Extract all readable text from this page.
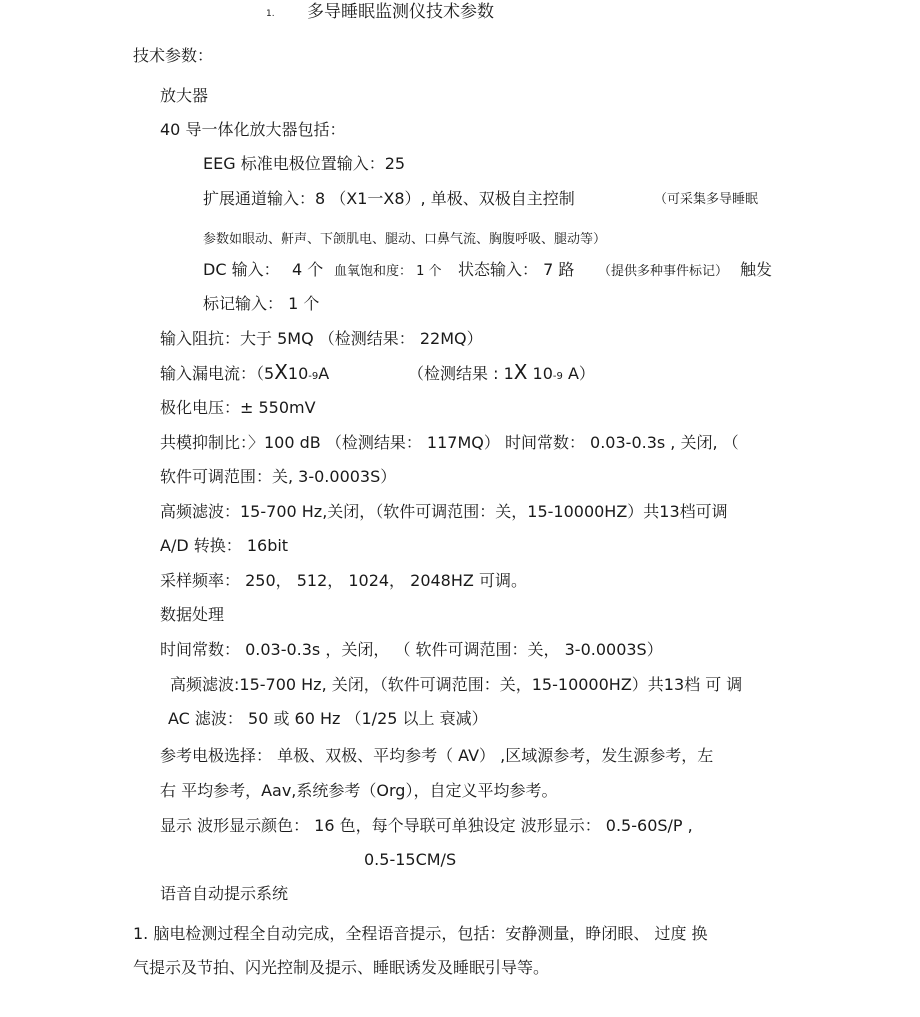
1. 多导睡眠监测仪技术参数
技术参数：
放大器
40 导一体化放大器包括：
EEG 标准电极位置输入：25
扩展通道输入：8 （X1一X8）, 单极、双极自主控制	（可采集多导睡眠
参数如眼动、鼾声、下颌肌电、腿动、口鼻气流、胸腹呼吸、腿动等）
DC 输入： 4 个 血氧饱和度： 1 个 状态输入： 7 路 （提供多种事件标记） 触发
标记输入： 1 个
输入阻抗：大于 5MQ （检测结果： 22MQ）
输入漏电流：（5X10-9A	（检测结果 : 1X 10-9 A）
极化电压：± 550mV
共模抑制比：〉100 dB （检测结果： 117MQ） 时间常数： 0.03-0.3s , 关闭, （
软件可调范围：关, 3-0.0003S）
高频滤波：15-700 Hz,关闭，（软件可调范围：关，15-10000HZ）共13档可调
A/D 转换： 16bit
采样频率： 250， 512， 1024， 2048HZ 可调。
数据处理
时间常数： 0.03-0.3s ，关闭， （ 软件可调范围：关， 3-0.0003S）
高频滤波:15-700 Hz, 关闭，（软件可调范围：关，15-10000HZ）共13档 可 调
AC 滤波： 50 或 60 Hz （1/25 以上 衰减）
参考电极选择： 单极、双极、平均参考（ AV） ,区域源参考，发生源参考，左
右 平均参考，Aav,系统参考（Org），自定义平均参考。
显示 波形显示颜色： 16 色，每个导联可单独设定 波形显示： 0.5-60S/P ,
0.5-15CM/S
语音自动提示系统
1. 脑电检测过程全自动完成，全程语音提示，包括：安静测量，睁闭眼、 过度 换
气提示及节拍、闪光控制及提示、睡眠诱发及睡眠引导等。
